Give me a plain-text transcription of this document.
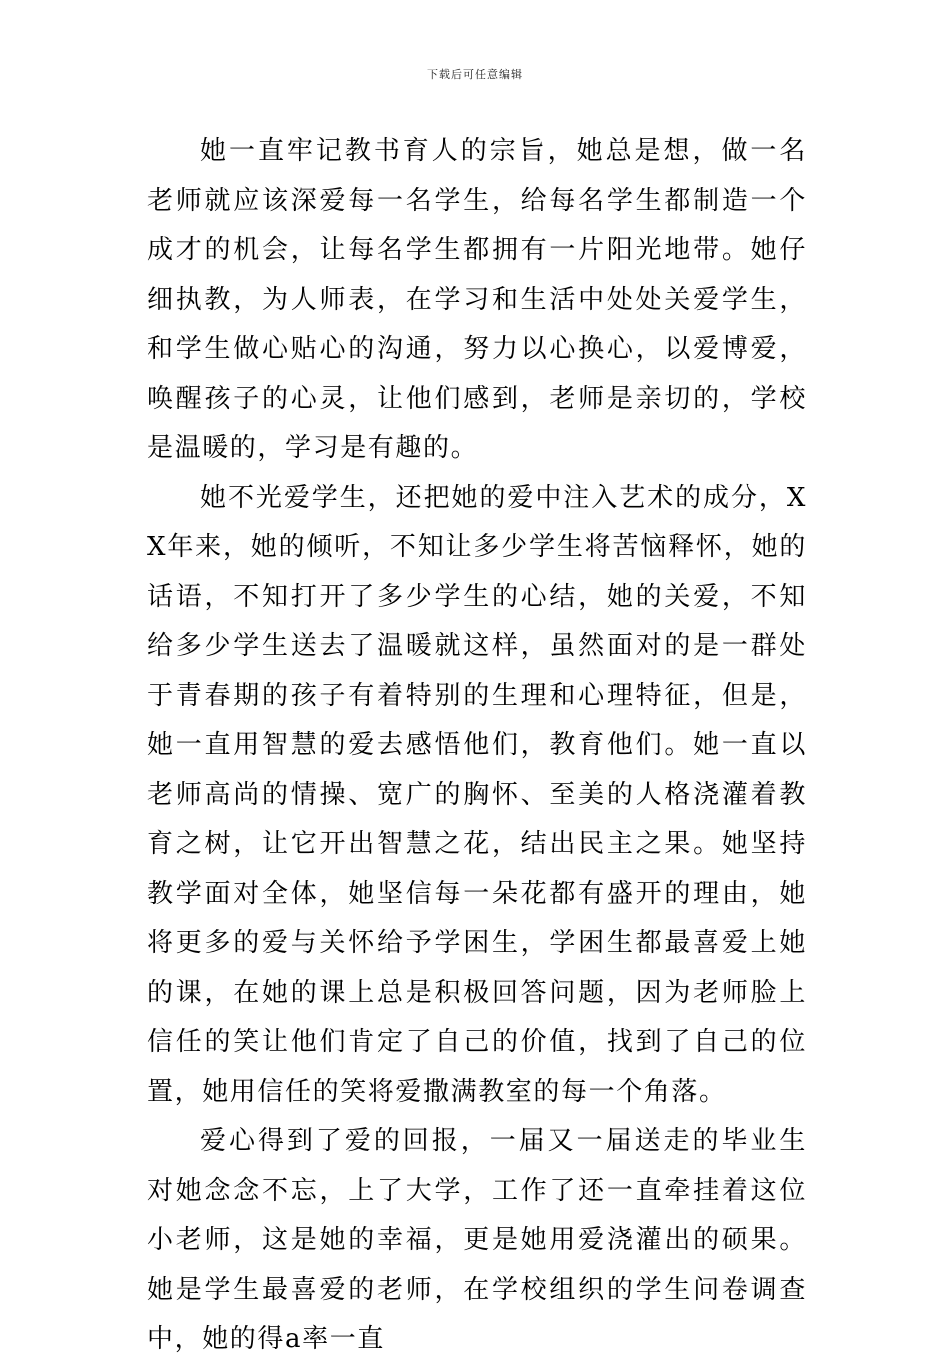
下载后可任意编辑

她一直牢记教书育人的宗旨，她总是想，做一名老师就应该深爱每一名学生，给每名学生都制造一个成才的机会，让每名学生都拥有一片阳光地带。她仔细执教，为人师表，在学习和生活中处处关爱学生，和学生做心贴心的沟通，努力以心换心，以爱博爱，唤醒孩子的心灵，让他们感到，老师是亲切的，学校是温暖的，学习是有趣的。

她不光爱学生，还把她的爱中注入艺术的成分，XX年来，她的倾听，不知让多少学生将苦恼释怀，她的话语，不知打开了多少学生的心结，她的关爱，不知给多少学生送去了温暖就这样，虽然面对的是一群处于青春期的孩子有着特别的生理和心理特征，但是，她一直用智慧的爱去感悟他们，教育他们。她一直以老师高尚的情操、宽广的胸怀、至美的人格浇灌着教育之树，让它开出智慧之花，结出民主之果。她坚持教学面对全体，她坚信每一朵花都有盛开的理由，她将更多的爱与关怀给予学困生，学困生都最喜爱上她的课，在她的课上总是积极回答问题，因为老师脸上信任的笑让他们肯定了自己的价值，找到了自己的位置，她用信任的笑将爱撒满教室的每一个角落。

爱心得到了爱的回报，一届又一届送走的毕业生对她念念不忘，上了大学，工作了还一直牵挂着这位小老师，这是她的幸福，更是她用爱浇灌出的硕果。她是学生最喜爱的老师，在学校组织的学生问卷调查中，她的得a率一直
